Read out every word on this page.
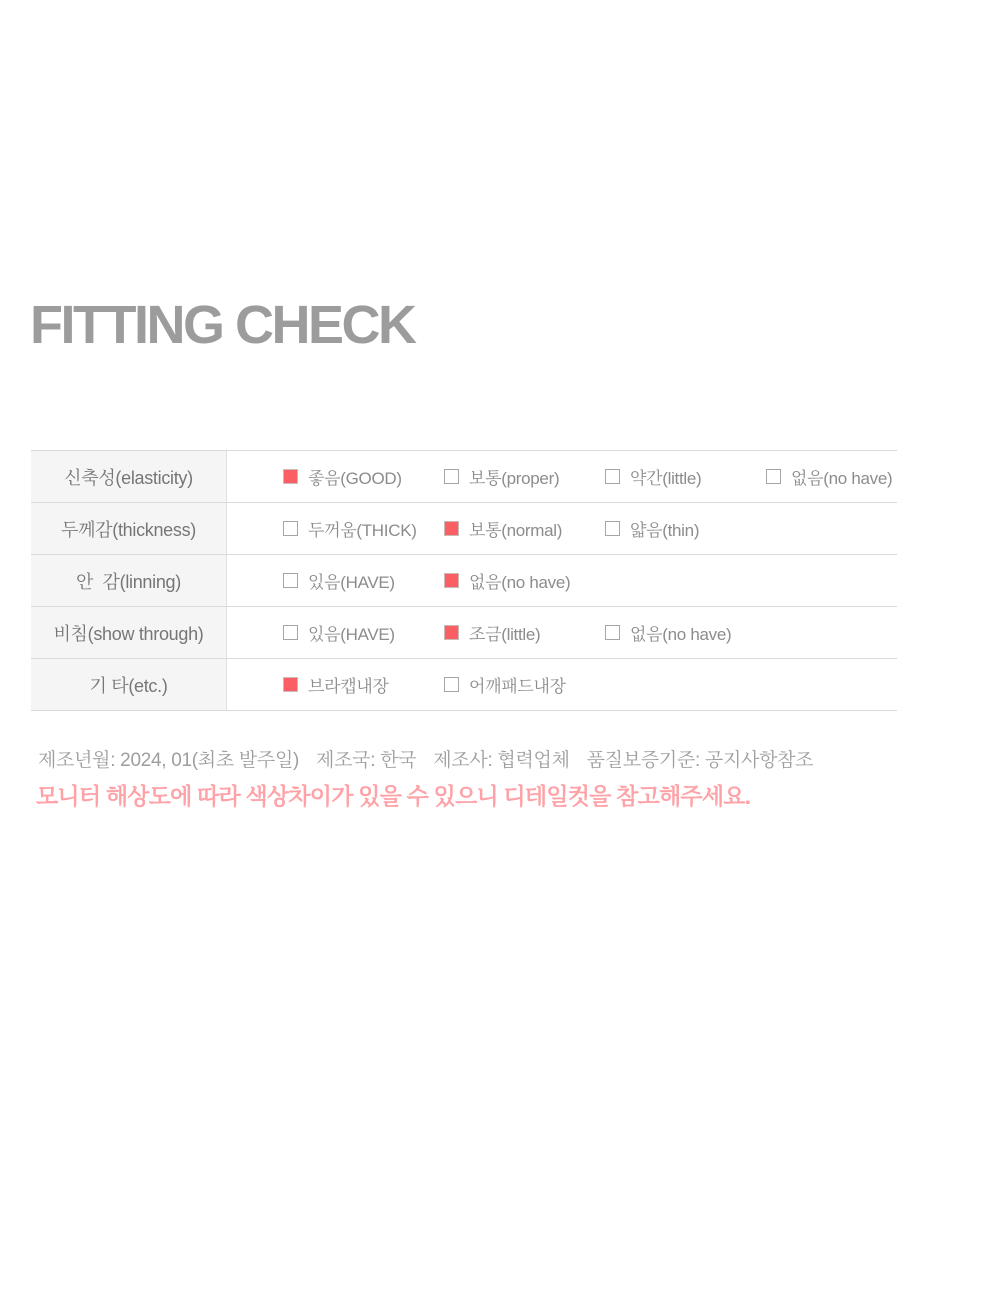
FITTING CHECK
신축성(elasticity)	좋음(GOOD)	보통(proper)	약간(little)	없음(no have)
두께감(thickness)	두꺼움(THICK)	보통(normal)	얇음(thin)
안  감(linning)	있음(HAVE)	없음(no have)
비침(show through)	있음(HAVE)	조금(little)	없음(no have)
기 타(etc.)	브라캡내장	어깨패드내장
제조년월: 2024, 01(최초 발주일) 제조국: 한국 제조사: 협력업체 품질보증기준: 공지사항참조
모니터 해상도에 따라 색상차이가 있을 수 있으니 디테일컷을 참고해주세요.
